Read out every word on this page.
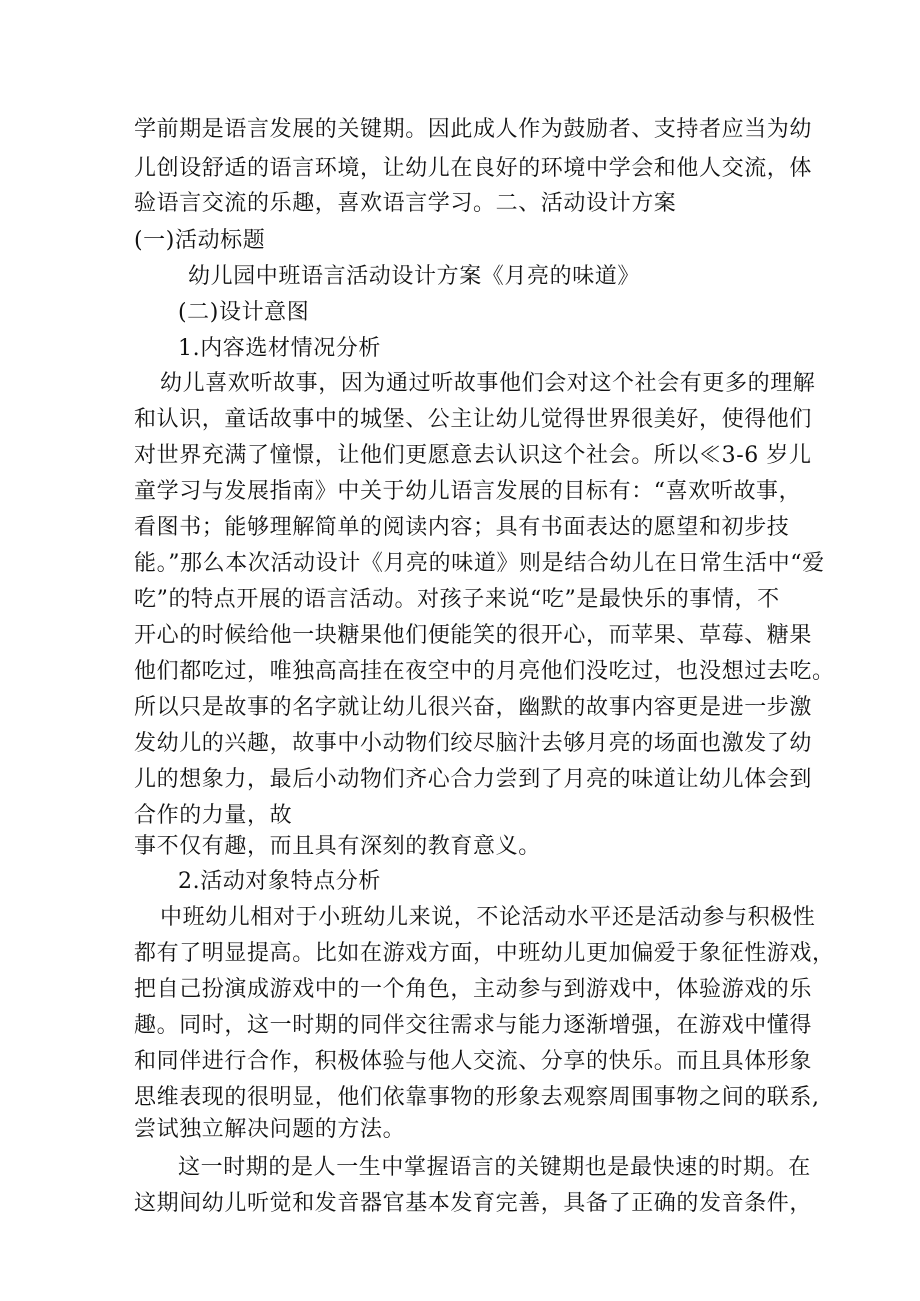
学前期是语言发展的关键期。因此成人作为鼓励者、支持者应当为幼
儿创设舒适的语言环境，让幼儿在良好的环境中学会和他人交流，体
验语言交流的乐趣，喜欢语言学习。二、活动设计方案
(一)活动标题
幼儿园中班语言活动设计方案《月亮的味道》
(二)设计意图
1.内容选材情况分析
幼儿喜欢听故事，因为通过听故事他们会对这个社会有更多的理解
和认识，童话故事中的城堡、公主让幼儿觉得世界很美好，使得他们
对世界充满了憧憬，让他们更愿意去认识这个社会。所以≪3-6 岁儿
童学习与发展指南》中关于幼儿语言发展的目标有：“喜欢听故事，
看图书；能够理解简单的阅读内容；具有书面表达的愿望和初步技
能。”那么本次活动设计《月亮的味道》则是结合幼儿在日常生活中“爱
吃”的特点开展的语言活动。对孩子来说“吃”是最快乐的事情，不
开心的时候给他一块糖果他们便能笑的很开心，而苹果、草莓、糖果
他们都吃过，唯独高高挂在夜空中的月亮他们没吃过，也没想过去吃。
所以只是故事的名字就让幼儿很兴奋，幽默的故事内容更是进一步激
发幼儿的兴趣，故事中小动物们绞尽脑汁去够月亮的场面也激发了幼
儿的想象力，最后小动物们齐心合力尝到了月亮的味道让幼儿体会到
合作的力量，故
事不仅有趣，而且具有深刻的教育意义。
2.活动对象特点分析
中班幼儿相对于小班幼儿来说，不论活动水平还是活动参与积极性
都有了明显提高。比如在游戏方面，中班幼儿更加偏爱于象征性游戏，
把自己扮演成游戏中的一个角色，主动参与到游戏中，体验游戏的乐
趣。同时，这一时期的同伴交往需求与能力逐渐增强，在游戏中懂得
和同伴进行合作，积极体验与他人交流、分享的快乐。而且具体形象
思维表现的很明显，他们依靠事物的形象去观察周围事物之间的联系,
尝试独立解决问题的方法。
这一时期的是人一生中掌握语言的关键期也是最快速的时期。在
这期间幼儿听觉和发音器官基本发育完善，具备了正确的发音条件，
